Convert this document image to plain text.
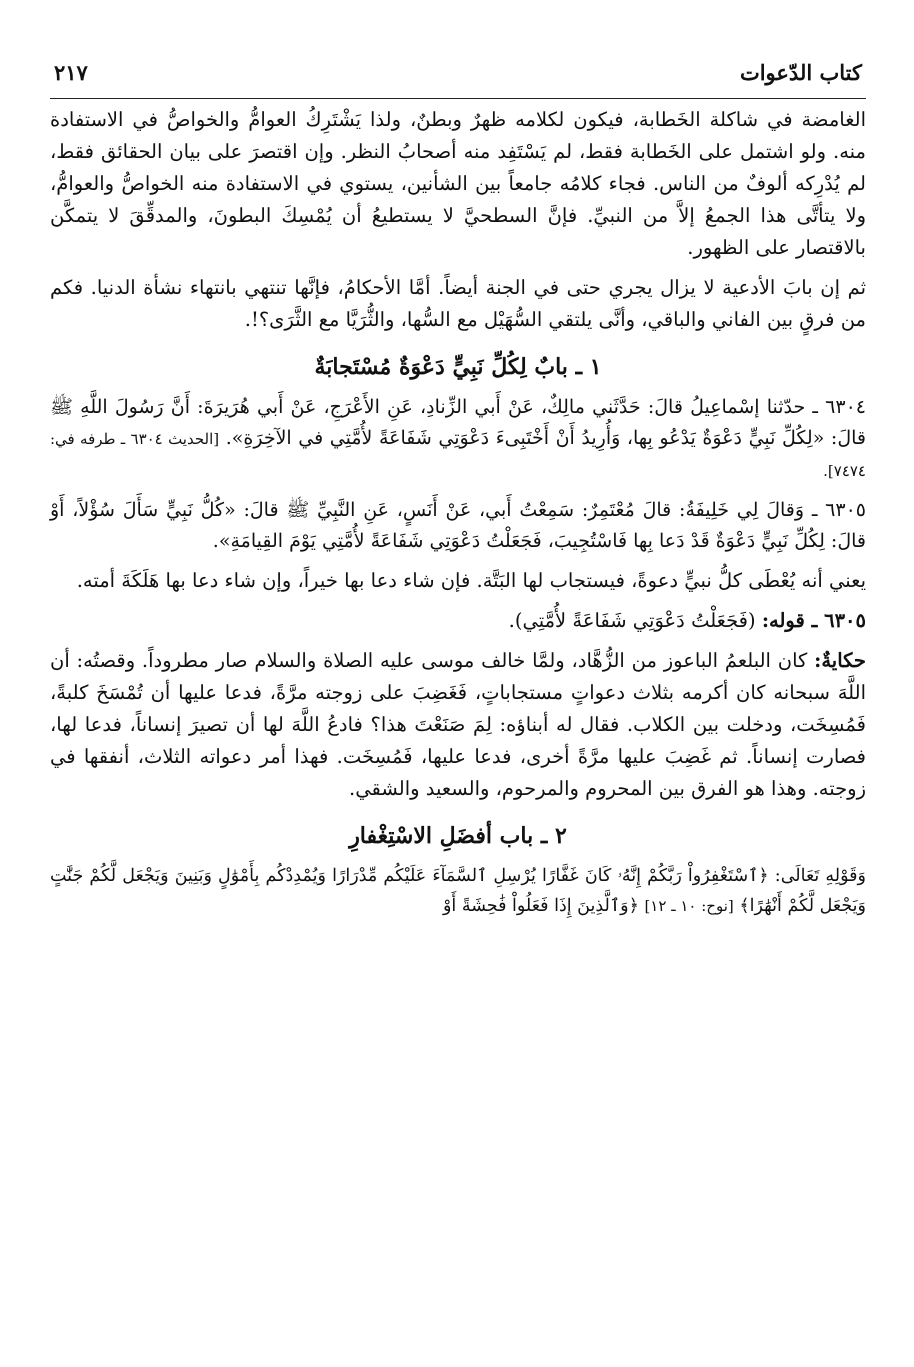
كتاب الدّعوات
٢١٧

الغامضة في شاكلة الخَطابة، فيكون لكلامه ظهرٌ وبطنٌ، ولذا يَشْتَرِكُ العوامُّ والخواصُّ في الاستفادة منه. ولو اشتمل على الخَطابة فقط، لم يَسْتَفِد منه أصحابُ النظر. وإن اقتصرَ على بيان الحقائق فقط، لم يُدْرِكه ألوفٌ من الناس. فجاء كلامُه جامعاً بين الشأنين، يستوي في الاستفادة منه الخواصُّ والعوامُّ، ولا يتأتَّى هذا الجمعُ إلاَّ من النبيِّ. فإنَّ السطحيَّ لا يستطيعُ أن يُمْسِكَ البطونَ، والمدقِّقَ لا يتمكَّن بالاقتصار على الظهور.

ثم إن بابَ الأدعية لا يزال يجري حتى في الجنة أيضاً. أمَّا الأحكامُ، فإنَّها تنتهي بانتهاء نشأة الدنيا. فكم من فرقٍ بين الفاني والباقي، وأنَّى يلتقي السُّهَيْل مع السُّها، والثُّرَيَّا مع الثَّرَى؟!.

١ ـ بابٌ لِكُلِّ نَبِيٍّ دَعْوَةٌ مُسْتَجابَةٌ

٦٣٠٤ ـ حدّثنا إسْماعِيلُ قالَ: حَدَّثَني مالِكٌ، عَنْ أَبي الزِّنادِ، عَنِ الأَعْرَجِ، عَنْ أَبي هُرَيرَةَ: أَنَّ رَسُولَ اللَّهِ ﷺ قالَ: «لِكُلِّ نَبِيٍّ دَعْوَةٌ يَدْعُو بِها، وَأُرِيدُ أَنْ أَخْتَبِىءَ دَعْوَتِي شَفَاعَةً لأُمَّتِي في الآخِرَةِ». [الحديث ٦٣٠٤ ـ طرفه في: ٧٤٧٤].

٦٣٠٥ ـ وَقالَ لِي خَلِيفَةُ: قالَ مُعْتَمِرٌ: سَمِعْتُ أَبي، عَنْ أَنَسٍ، عَنِ النَّبِيِّ ﷺ قالَ: «كُلُّ نَبِيٍّ سَأَلَ سُؤْلاً، أَوْ قالَ: لِكُلِّ نَبِيٍّ دَعْوَةٌ قَدْ دَعا بِها فَاسْتُجِيبَ، فَجَعَلْتُ دَعْوَتِي شَفَاعَةً لأُمَّتِي يَوْمَ القِيامَةِ».

يعني أنه يُعْطَى كلُّ نبيٍّ دعوةً، فيستجاب لها البَتَّة. فإن شاء دعا بها خيراً، وإن شاء دعا بها هَلَكَةَ أمته.

٦٣٠٥ ـ قوله: (فَجَعَلْتُ دَعْوَتِي شَفَاعَةً لأُمَّتِي).

حكايةٌ: كان البلعمُ الباعوز من الزُّهَّاد، ولمَّا خالف موسى عليه الصلاة والسلام صار مطروداً. وقصتُه: أن اللَّهَ سبحانه كان أكرمه بثلاث دعواتٍ مستجاباتٍ، فَغَضِبَ على زوجته مرَّةً، فدعا عليها أن تُمْسَخَ كلبةً، فَمُسِخَت، ودخلت بين الكلاب. فقال له أبناؤه: لِمَ صَنَعْتَ هذا؟ فادعُ اللَّهَ لها أن تصيرَ إنساناً، فدعا لها، فصارت إنساناً. ثم غَضِبَ عليها مرَّةً أخرى، فدعا عليها، فَمُسِخَت. فهذا أمر دعواته الثلاث، أنفقها في زوجته. وهذا هو الفرق بين المحروم والمرحوم، والسعيد والشقي.

٢ ـ باب أفضَلِ الاسْتِغْفارِ

وَقَوْلِهِ تَعَالَى: ﴿ٱسْتَغْفِرُواْ رَبَّكُمْ إِنَّهُۥ كَانَ غَفَّارًا يُرْسِلِ ٱلسَّمَآءَ عَلَيْكُم مِّدْرَارًا وَيُمْدِدْكُم بِأَمْوَٰلٍ وَبَنِينَ وَيَجْعَل لَّكُمْ جَنَّٰتٍ وَيَجْعَل لَّكُمْ أَنْهَٰرًا﴾ [نوح: ١٠ ـ ١٢] ﴿وَٱلَّذِينَ إِذَا فَعَلُواْ فَٰحِشَةً أَوْ
